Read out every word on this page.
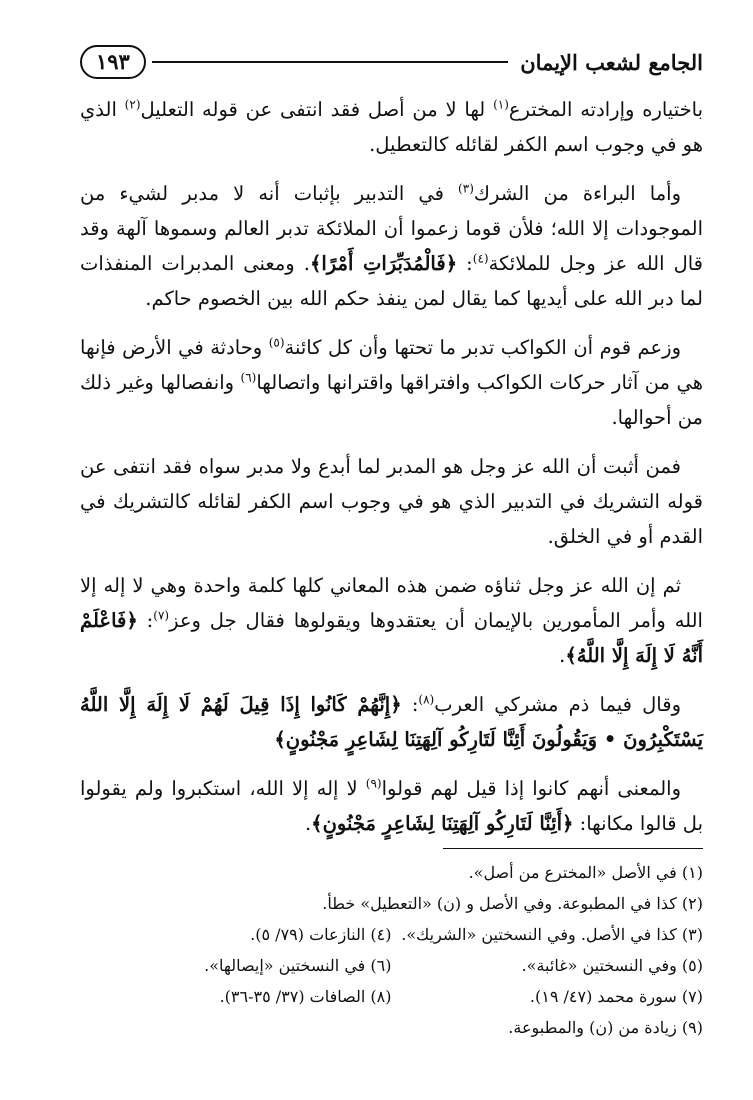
الجامع لشعب الإيمان
١٩٣

باختياره وإرادته المخترع$^{(١)}$ لها لا من أصل فقد انتفى عن قوله التعليل$^{(٢)}$ الذي هو في وجوب اسم الكفر لقائله كالتعطيل.

وأما البراءة من الشرك$^{(٣)}$ في التدبير بإثبات أنه لا مدبر لشيء من الموجودات إلا الله؛ فلأن قوما زعموا أن الملائكة تدبر العالم وسموها آلهة وقد قال الله عز وجل للملائكة$^{(٤)}$: ﴿فَالْمُدَبِّرَاتِ أَمْرًا﴾. ومعنى المدبرات المنفذات لما دبر الله على أيديها كما يقال لمن ينفذ حكم الله بين الخصوم حاكم.

وزعم قوم أن الكواكب تدبر ما تحتها وأن كل كائنة$^{(٥)}$ وحادثة في الأرض فإنها هي من آثار حركات الكواكب وافتراقها واقترانها واتصالها$^{(٦)}$ وانفصالها وغير ذلك من أحوالها.

فمن أثبت أن الله عز وجل هو المدبر لما أبدع ولا مدبر سواه فقد انتفى عن قوله التشريك في التدبير الذي هو في وجوب اسم الكفر لقائله كالتشريك في القدم أو في الخلق.

ثم إن الله عز وجل ثناؤه ضمن هذه المعاني كلها كلمة واحدة وهي لا إله إلا الله وأمر المأمورين بالإيمان أن يعتقدوها ويقولوها فقال جل وعز$^{(٧)}$: ﴿فَاعْلَمْ أَنَّهُ لَا إِلَهَ إِلَّا اللَّهُ﴾.

وقال فيما ذم مشركي العرب$^{(٨)}$: ﴿إِنَّهُمْ كَانُوا إِذَا قِيلَ لَهُمْ لَا إِلَهَ إِلَّا اللَّهُ يَسْتَكْبِرُونَ • وَيَقُولُونَ أَئِنَّا لَتَارِكُو آلِهَتِنَا لِشَاعِرٍ مَجْنُونٍ﴾

والمعنى أنهم كانوا إذا قيل لهم قولوا$^{(٩)}$ لا إله إلا الله، استكبروا ولم يقولوا بل قالوا مكانها: ﴿أَئِنَّا لَتَارِكُو آلِهَتِنَا لِشَاعِرٍ مَجْنُونٍ﴾.

(١) في الأصل «المخترع من أصل».
(٢) كذا في المطبوعة. وفي الأصل و (ن) «التعطيل» خطأ.
(٣) كذا في الأصل. وفي النسختين «الشريك».
(٤) النازعات (٧٩/ ٥).
(٥) وفي النسختين «غائبة».
(٦) في النسختين «إيصالها».
(٧) سورة محمد (٤٧/ ١٩).
(٨) الصافات (٣٧/ ٣٥-٣٦).
(٩) زيادة من (ن) والمطبوعة.
